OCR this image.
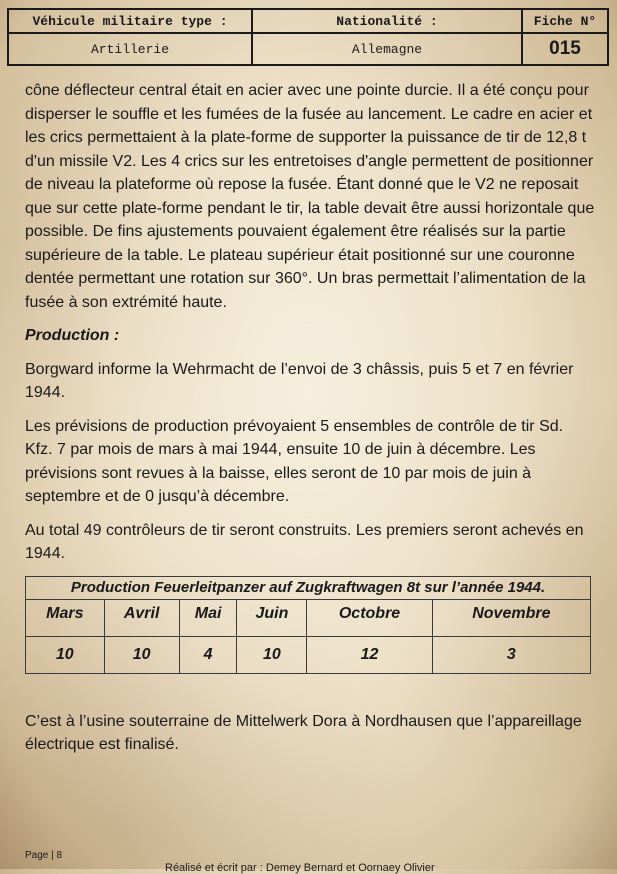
Véhicule militaire type :	Nationalité :	Fiche N°
Artillerie	Allemagne	015

cône déflecteur central était en acier avec une pointe durcie. Il a été conçu pour disperser le souffle et les fumées de la fusée au lancement. Le cadre en acier et les crics permettaient à la plate-forme de supporter la puissance de tir de 12,8 t d'un missile V2. Les 4 crics sur les entretoises d'angle permettent de positionner de niveau la plateforme où repose la fusée. Étant donné que le V2 ne reposait que sur cette plate-forme pendant le tir, la table devait être aussi horizontale que possible. De fins ajustements pouvaient également être réalisés sur la partie supérieure de la table. Le plateau supérieur était positionné sur une couronne dentée permettant une rotation sur 360°. Un bras permettait l’alimentation de la fusée à son extrémité haute.

Production :

Borgward informe la Wehrmacht de l’envoi de 3 châssis, puis 5 et 7 en février 1944.

Les prévisions de production prévoyaient 5 ensembles de contrôle de tir Sd. Kfz. 7 par mois de mars à mai 1944, ensuite 10 de juin à décembre. Les prévisions sont revues à la baisse, elles seront de 10 par mois de juin à septembre et de 0 jusqu’à décembre.

Au total 49 contrôleurs de tir seront construits. Les premiers seront achevés en 1944.

Production Feuerleitpanzer auf Zugkraftwagen 8t sur l’année 1944.					
Mars	Avril	Mai	Juin	Octobre	Novembre
10	10	4	10	12	3

C’est à l’usine souterraine de Mittelwerk Dora à Nordhausen que l’appareillage électrique est finalisé.

Page | 8
Réalisé et écrit par : Demey Bernard et Oornaey Olivier
